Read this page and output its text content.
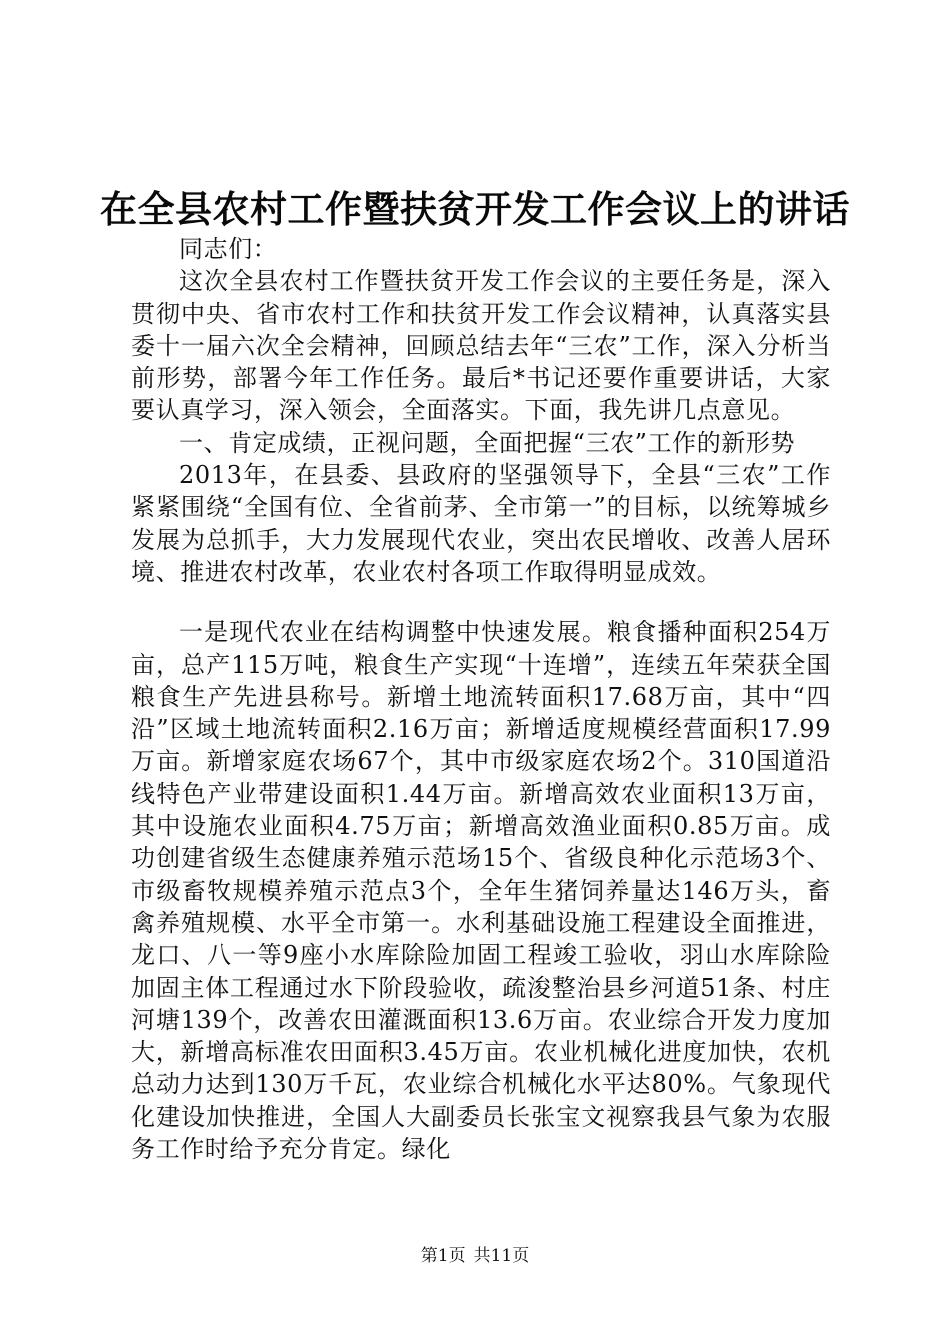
在全县农村工作暨扶贫开发工作会议上的讲话

同志们：

这次全县农村工作暨扶贫开发工作会议的主要任务是，深入贯彻中央、省市农村工作和扶贫开发工作会议精神，认真落实县委十一届六次全会精神，回顾总结去年“三农”工作，深入分析当前形势，部署今年工作任务。最后*书记还要作重要讲话，大家要认真学习，深入领会，全面落实。下面，我先讲几点意见。

一、肯定成绩，正视问题，全面把握“三农”工作的新形势

2013年，在县委、县政府的坚强领导下，全县“三农”工作紧紧围绕“全国有位、全省前茅、全市第一”的目标，以统筹城乡发展为总抓手，大力发展现代农业，突出农民增收、改善人居环境、推进农村改革，农业农村各项工作取得明显成效。

一是现代农业在结构调整中快速发展。粮食播种面积254万亩，总产115万吨，粮食生产实现“十连增”，连续五年荣获全国粮食生产先进县称号。新增土地流转面积17.68万亩，其中“四沿”区域土地流转面积2.16万亩；新增适度规模经营面积17.99万亩。新增家庭农场67个，其中市级家庭农场2个。310国道沿线特色产业带建设面积1.44万亩。新增高效农业面积13万亩，其中设施农业面积4.75万亩；新增高效渔业面积0.85万亩。成功创建省级生态健康养殖示范场15个、省级良种化示范场3个、市级畜牧规模养殖示范点3个，全年生猪饲养量达146万头，畜禽养殖规模、水平全市第一。水利基础设施工程建设全面推进，龙口、八一等9座小水库除险加固工程竣工验收，羽山水库除险加固主体工程通过水下阶段验收，疏浚整治县乡河道51条、村庄河塘139个，改善农田灌溉面积13.6万亩。农业综合开发力度加大，新增高标准农田面积3.45万亩。农业机械化进度加快，农机总动力达到130万千瓦，农业综合机械化水平达80%。气象现代化建设加快推进，全国人大副委员长张宝文视察我县气象为农服务工作时给予充分肯定。绿化

第1页 共11页
